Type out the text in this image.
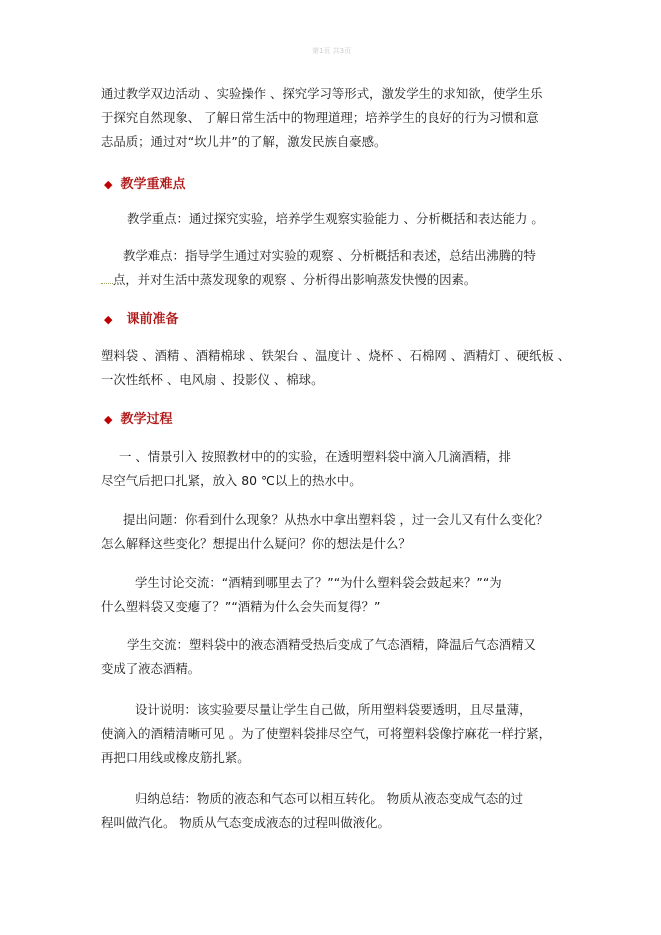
第1页 共3页
通过教学双边活动 、实验操作 、探究学习等形式，激发学生的求知欲，使学生乐
于探究自然现象、 了解日常生活中的物理道理；培养学生的良好的行为习惯和意
志品质；通过对“坎儿井”的了解，激发民族自豪感。
◆ 教学重难点
教学重点：通过探究实验，培养学生观察实验能力 、分析概括和表达能力 。
教学难点：指导学生通过对实验的观察 、分析概括和表述，总结出沸腾的特
点，并对生活中蒸发现象的观察 、分析得出影响蒸发快慢的因素。
◆ 课前准备
塑料袋 、酒精 、酒精棉球 、铁架台 、温度计 、烧杯 、石棉网 、酒精灯 、硬纸板 、
一次性纸杯 、电风扇 、投影仪 、棉球。
◆ 教学过程
一 、情景引入 按照教材中的的实验，在透明塑料袋中滴入几滴酒精，排
尽空气后把口扎紧，放入 80 ℃以上的热水中。
提出问题：你看到什么现象？从热水中拿出塑料袋 ，过一会儿又有什么变化？
怎么解释这些变化？想提出什么疑问？你的想法是什么？
学生讨论交流：“酒精到哪里去了？”“为什么塑料袋会鼓起来？”“为
什么塑料袋又变瘪了？”“酒精为什么会失而复得？”
学生交流：塑料袋中的液态酒精受热后变成了气态酒精，降温后气态酒精又
变成了液态酒精。
设计说明：该实验要尽量让学生自己做，所用塑料袋要透明，且尽量薄，
使滴入的酒精清晰可见 。为了使塑料袋排尽空气，可将塑料袋像拧麻花一样拧紧，
再把口用线或橡皮筋扎紧。
归纳总结：物质的液态和气态可以相互转化。 物质从液态变成气态的过
程叫做汽化。 物质从气态变成液态的过程叫做液化。
